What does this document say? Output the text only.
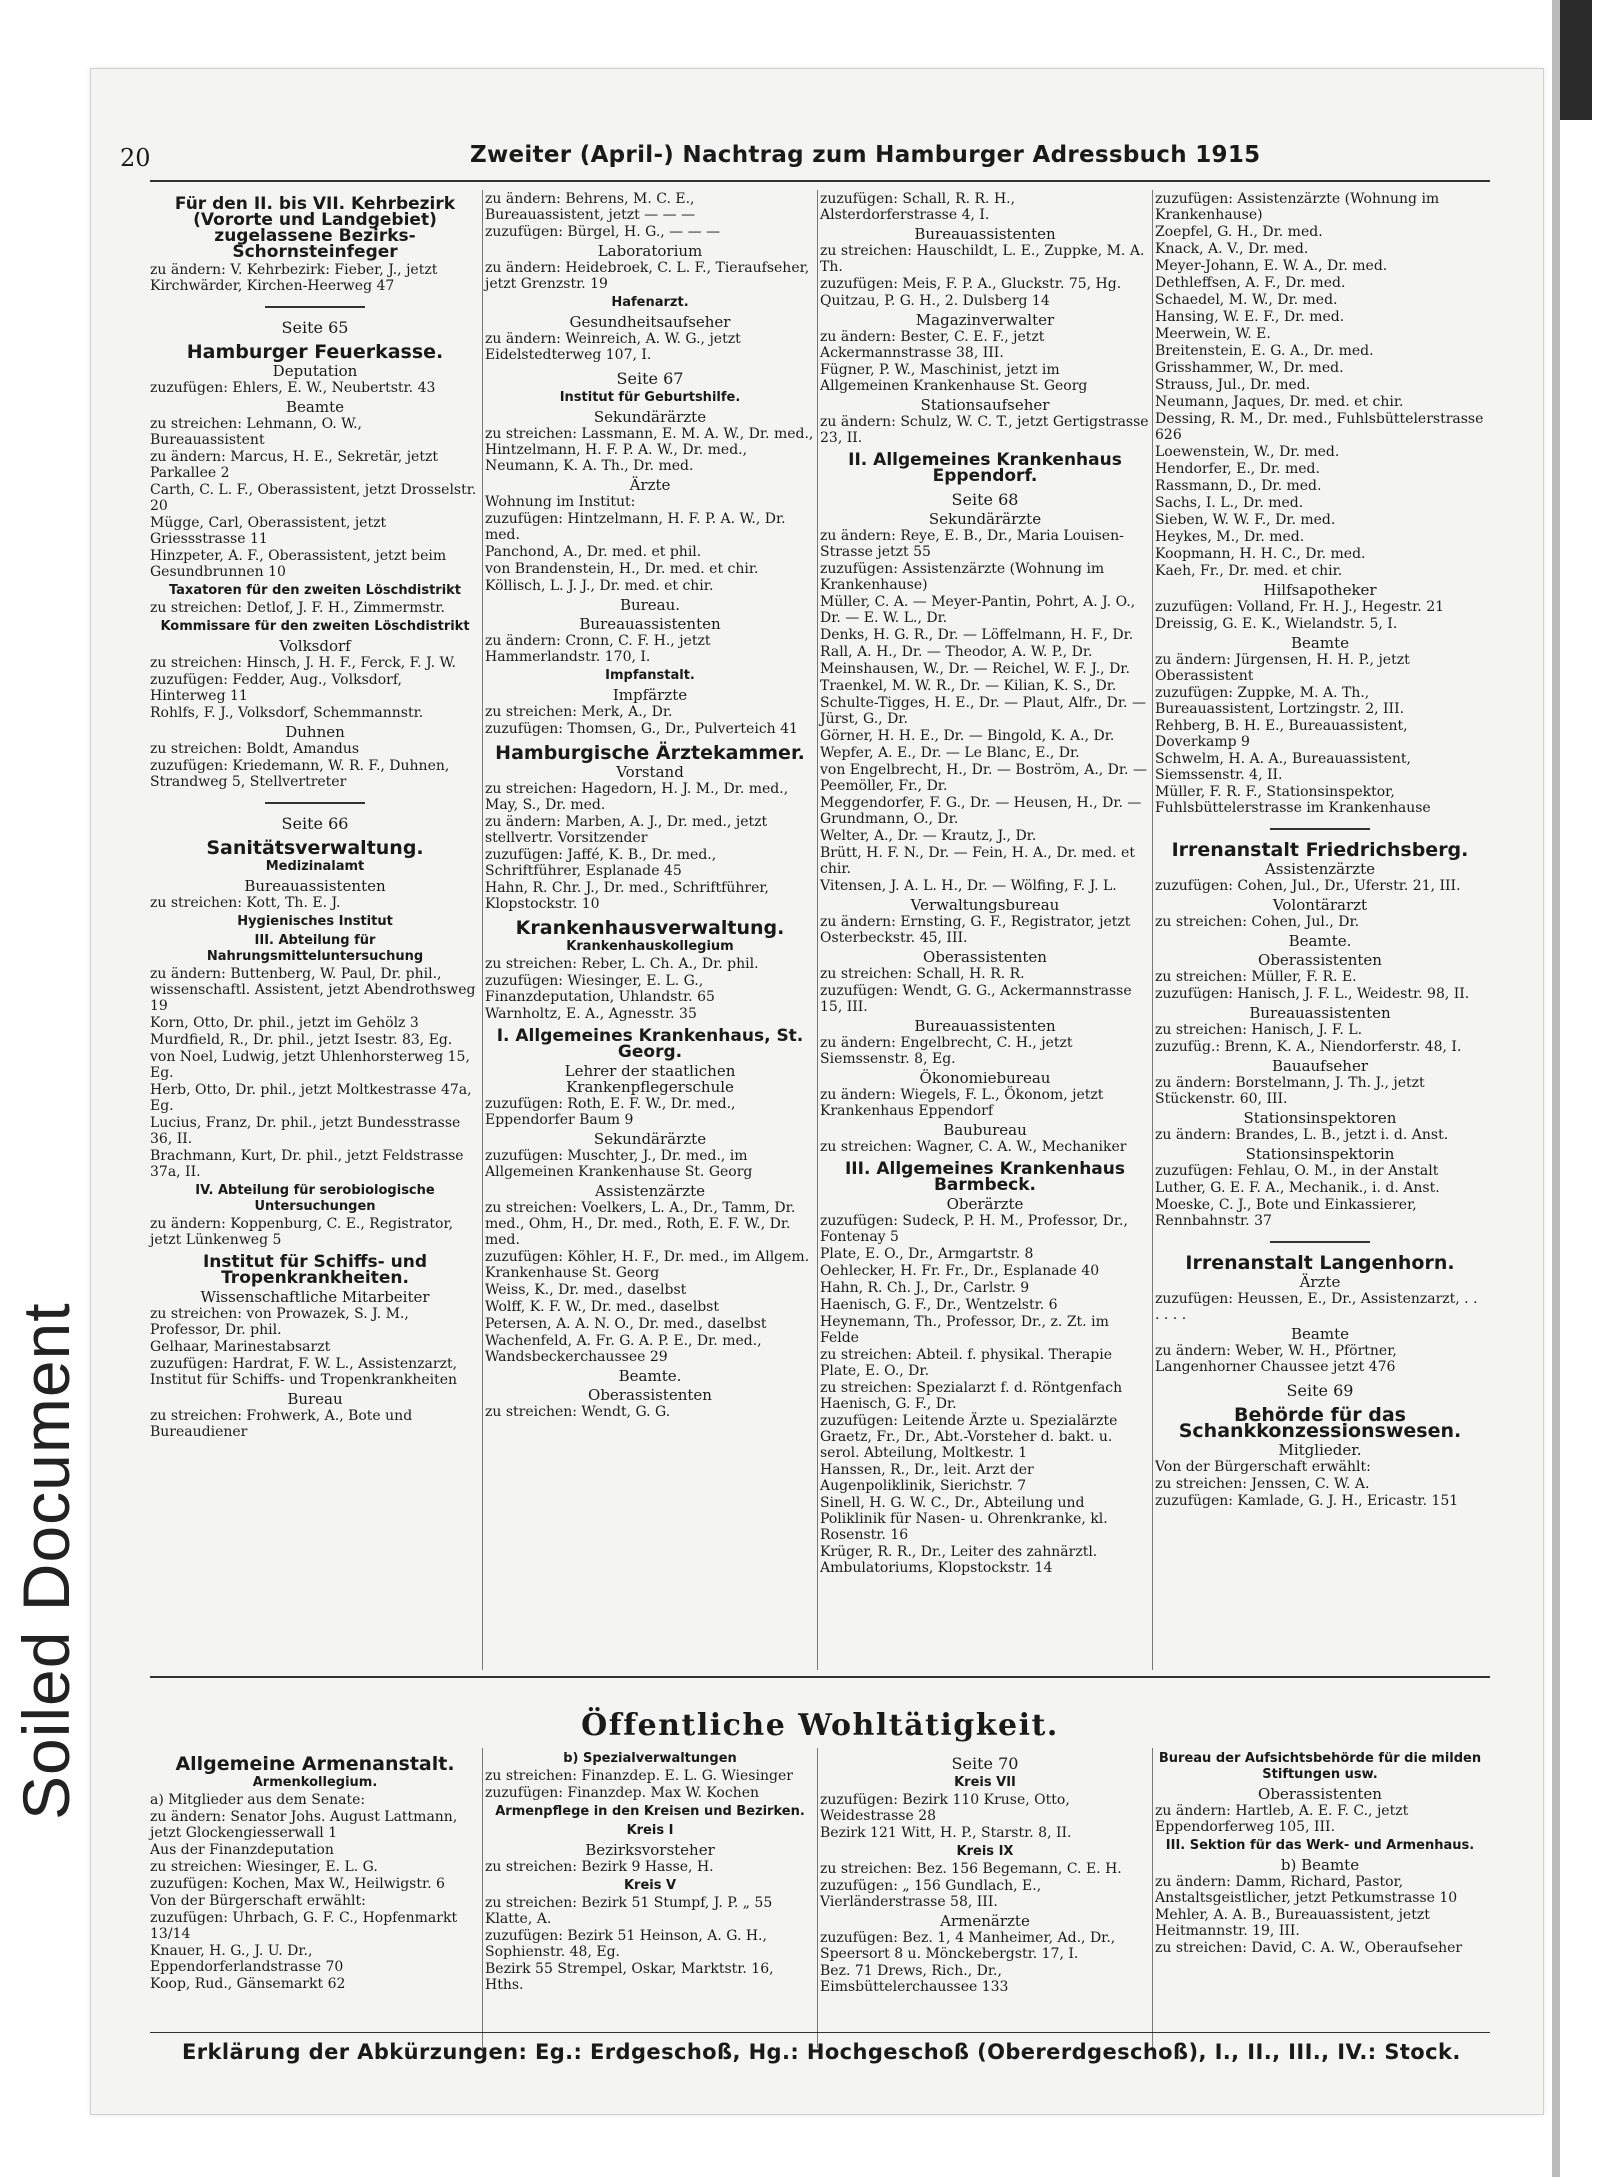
Soiled Document
20	Zweiter (April-) Nachtrag zum Hamburger Adressbuch 1915
Für den II. bis VII. Kehrbezirk (Vororte und Landgebiet) zugelassene Bezirks-Schornsteinfeger
zu ändern: V. Kehrbezirk: Fieber, J., jetzt Kirchwärder, Kirchen-Heerweg 47
Seite 65
Hamburger Feuerkasse.
Deputation
zuzufügen: Ehlers, E. W., Neubertstr. 43
Beamte
zu streichen: Lehmann, O. W., Bureauassistent
zu ändern: Marcus, H. E., Sekretär, jetzt Parkallee 2
Carth, C. L. F., Oberassistent, jetzt Drosselstr. 20
Mügge, Carl, Oberassistent, jetzt Griessstrasse 11
Hinzpeter, A. F., Oberassistent, jetzt beim Gesundbrunnen 10
Taxatoren für den zweiten Löschdistrikt
zu streichen: Detlof, J. F. H., Zimmermstr.
Kommissare für den zweiten Löschdistrikt
Volksdorf
zu streichen: Hinsch, J. H. F., Ferck, F. J. W.
zuzufügen: Fedder, Aug., Volksdorf, Hinterweg 11
Rohlfs, F. J., Volksdorf, Schemmannstr.
Duhnen
zu streichen: Boldt, Amandus
zuzufügen: Kriedemann, W. R. F., Duhnen, Strandweg 5, Stellvertreter
Seite 66
Sanitätsverwaltung.
Medizinalamt
Bureauassistenten
zu streichen: Kott, Th. E. J.
Hygienisches Institut
III. Abteilung für Nahrungsmitteluntersuchung
zu ändern: Buttenberg, W. Paul, Dr. phil., wissenschaftl. Assistent, jetzt Abendrothsweg 19
Korn, Otto, Dr. phil., jetzt im Gehölz 3
Murdfield, R., Dr. phil., jetzt Isestr. 83, Eg.
von Noel, Ludwig, jetzt Uhlenhorsterweg 15, Eg.
Herb, Otto, Dr. phil., jetzt Moltkestrasse 47a, Eg.
Lucius, Franz, Dr. phil., jetzt Bundesstrasse 36, II.
Brachmann, Kurt, Dr. phil., jetzt Feldstrasse 37a, II.
IV. Abteilung für serobiologische Untersuchungen
zu ändern: Koppenburg, C. E., Registrator, jetzt Lünkenweg 5
Institut für Schiffs- und Tropenkrankheiten.
Wissenschaftliche Mitarbeiter
zu streichen: von Prowazek, S. J. M., Professor, Dr. phil.
Gelhaar, Marinestabsarzt
zuzufügen: Hardrat, F. W. L., Assistenzarzt, Institut für Schiffs- und Tropenkrankheiten
Bureau
zu streichen: Frohwerk, A., Bote und Bureaudiener
zu ändern: Behrens, M. C. E., Bureauassistent, jetzt — — —
zuzufügen: Bürgel, H. G., — — —
Laboratorium
zu ändern: Heidebroek, C. L. F., Tieraufseher, jetzt Grenzstr. 19
Hafenarzt.
Gesundheitsaufseher
zu ändern: Weinreich, A. W. G., jetzt Eidelstedterweg 107, I.
Seite 67
Institut für Geburtshilfe.
Sekundärärzte
zu streichen: Lassmann, E. M. A. W., Dr. med., Hintzelmann, H. F. P. A. W., Dr. med., Neumann, K. A. Th., Dr. med.
Ärzte
Wohnung im Institut:
zuzufügen: Hintzelmann, H. F. P. A. W., Dr. med.
Panchond, A., Dr. med. et phil.
von Brandenstein, H., Dr. med. et chir.
Köllisch, L. J. J., Dr. med. et chir.
Bureau.
Bureauassistenten
zu ändern: Cronn, C. F. H., jetzt Hammerlandstr. 170, I.
Impfanstalt.
Impfärzte
zu streichen: Merk, A., Dr.
zuzufügen: Thomsen, G., Dr., Pulverteich 41
Hamburgische Ärztekammer.
Vorstand
zu streichen: Hagedorn, H. J. M., Dr. med., May, S., Dr. med.
zu ändern: Marben, A. J., Dr. med., jetzt stellvertr. Vorsitzender
zuzufügen: Jaffé, K. B., Dr. med., Schriftführer, Esplanade 45
Hahn, R. Chr. J., Dr. med., Schriftführer, Klopstockstr. 10
Krankenhausverwaltung.
Krankenhauskollegium
zu streichen: Reber, L. Ch. A., Dr. phil.
zuzufügen: Wiesinger, E. L. G., Finanzdeputation, Uhlandstr. 65
Warnholtz, E. A., Agnesstr. 35
I. Allgemeines Krankenhaus, St. Georg.
Lehrer der staatlichen Krankenpflegerschule
zuzufügen: Roth, E. F. W., Dr. med., Eppendorfer Baum 9
Sekundärärzte
zuzufügen: Muschter, J., Dr. med., im Allgemeinen Krankenhause St. Georg
Assistenzärzte
zu streichen: Voelkers, L. A., Dr., Tamm, Dr. med., Ohm, H., Dr. med., Roth, E. F. W., Dr. med.
zuzufügen: Köhler, H. F., Dr. med., im Allgem. Krankenhause St. Georg
Weiss, K., Dr. med., daselbst
Wolff, K. F. W., Dr. med., daselbst
Petersen, A. A. N. O., Dr. med., daselbst
Wachenfeld, A. Fr. G. A. P. E., Dr. med., Wandsbeckerchaussee 29
Beamte.
Oberassistenten
zu streichen: Wendt, G. G.
zuzufügen: Schall, R. R. H., Alsterdorferstrasse 4, I.
Bureauassistenten
zu streichen: Hauschildt, L. E., Zuppke, M. A. Th.
zuzufügen: Meis, F. P. A., Gluckstr. 75, Hg.
Quitzau, P. G. H., 2. Dulsberg 14
Magazinverwalter
zu ändern: Bester, C. E. F., jetzt Ackermannstrasse 38, III.
Fügner, P. W., Maschinist, jetzt im Allgemeinen Krankenhause St. Georg
Stationsaufseher
zu ändern: Schulz, W. C. T., jetzt Gertigstrasse 23, II.
II. Allgemeines Krankenhaus Eppendorf.
Seite 68
Sekundärärzte
zu ändern: Reye, E. B., Dr., Maria Louisen-Strasse jetzt 55
zuzufügen: Assistenzärzte (Wohnung im Krankenhause)
Müller, C. A. — Meyer-Pantin, Pohrt, A. J. O., Dr. — E. W. L., Dr.
Denks, H. G. R., Dr. — Löffelmann, H. F., Dr.
Rall, A. H., Dr. — Theodor, A. W. P., Dr.
Meinshausen, W., Dr. — Reichel, W. F. J., Dr.
Traenkel, M. W. R., Dr. — Kilian, K. S., Dr.
Schulte-Tigges, H. E., Dr. — Plaut, Alfr., Dr. — Jürst, G., Dr.
Görner, H. H. E., Dr. — Bingold, K. A., Dr.
Wepfer, A. E., Dr. — Le Blanc, E., Dr.
von Engelbrecht, H., Dr. — Boström, A., Dr. — Peemöller, Fr., Dr.
Meggendorfer, F. G., Dr. — Heusen, H., Dr. — Grundmann, O., Dr.
Welter, A., Dr. — Krautz, J., Dr.
Brütt, H. F. N., Dr. — Fein, H. A., Dr. med. et chir.
Vitensen, J. A. L. H., Dr. — Wölfing, F. J. L.
Verwaltungsbureau
zu ändern: Ernsting, G. F., Registrator, jetzt Osterbeckstr. 45, III.
Oberassistenten
zu streichen: Schall, H. R. R.
zuzufügen: Wendt, G. G., Ackermannstrasse 15, III.
Bureauassistenten
zu ändern: Engelbrecht, C. H., jetzt Siemssenstr. 8, Eg.
Ökonomiebureau
zu ändern: Wiegels, F. L., Ökonom, jetzt Krankenhaus Eppendorf
Baubureau
zu streichen: Wagner, C. A. W., Mechaniker
III. Allgemeines Krankenhaus Barmbeck.
Oberärzte
zuzufügen: Sudeck, P. H. M., Professor, Dr., Fontenay 5
Plate, E. O., Dr., Armgartstr. 8
Oehlecker, H. Fr. Fr., Dr., Esplanade 40
Hahn, R. Ch. J., Dr., Carlstr. 9
Haenisch, G. F., Dr., Wentzelstr. 6
Heynemann, Th., Professor, Dr., z. Zt. im Felde
zu streichen: Abteil. f. physikal. Therapie Plate, E. O., Dr.
zu streichen: Spezialarzt f. d. Röntgenfach Haenisch, G. F., Dr.
zuzufügen: Leitende Ärzte u. Spezialärzte Graetz, Fr., Dr., Abt.-Vorsteher d. bakt. u. serol. Abteilung, Moltkestr. 1
Hanssen, R., Dr., leit. Arzt der Augenpoliklinik, Sierichstr. 7
Sinell, H. G. W. C., Dr., Abteilung und Poliklinik für Nasen- u. Ohrenkranke, kl. Rosenstr. 16
Krüger, R. R., Dr., Leiter des zahnärztl. Ambulatoriums, Klopstockstr. 14
zuzufügen: Assistenzärzte (Wohnung im Krankenhause)
Zoepfel, G. H., Dr. med.
Knack, A. V., Dr. med.
Meyer-Johann, E. W. A., Dr. med.
Dethleffsen, A. F., Dr. med.
Schaedel, M. W., Dr. med.
Hansing, W. E. F., Dr. med.
Meerwein, W. E.
Breitenstein, E. G. A., Dr. med.
Grisshammer, W., Dr. med.
Strauss, Jul., Dr. med.
Neumann, Jaques, Dr. med. et chir.
Dessing, R. M., Dr. med., Fuhlsbüttelerstrasse 626
Loewenstein, W., Dr. med.
Hendorfer, E., Dr. med.
Rassmann, D., Dr. med.
Sachs, I. L., Dr. med.
Sieben, W. W. F., Dr. med.
Heykes, M., Dr. med.
Koopmann, H. H. C., Dr. med.
Kaeh, Fr., Dr. med. et chir.
Hilfsapotheker
zuzufügen: Volland, Fr. H. J., Hegestr. 21
Dreissig, G. E. K., Wielandstr. 5, I.
Beamte
zu ändern: Jürgensen, H. H. P., jetzt Oberassistent
zuzufügen: Zuppke, M. A. Th., Bureauassistent, Lortzingstr. 2, III.
Rehberg, B. H. E., Bureauassistent, Doverkamp 9
Schwelm, H. A. A., Bureauassistent, Siemssenstr. 4, II.
Müller, F. R. F., Stationsinspektor, Fuhlsbüttelerstrasse im Krankenhause
Irrenanstalt Friedrichsberg.
Assistenzärzte
zuzufügen: Cohen, Jul., Dr., Uferstr. 21, III.
Volontärarzt
zu streichen: Cohen, Jul., Dr.
Beamte.
Oberassistenten
zu streichen: Müller, F. R. E.
zuzufügen: Hanisch, J. F. L., Weidestr. 98, II.
Bureauassistenten
zu streichen: Hanisch, J. F. L.
zuzufüg.: Brenn, K. A., Niendorferstr. 48, I.
Bauaufseher
zu ändern: Borstelmann, J. Th. J., jetzt Stückenstr. 60, III.
Stationsinspektoren
zu ändern: Brandes, L. B., jetzt i. d. Anst.
Stationsinspektorin
zuzufügen: Fehlau, O. M., in der Anstalt
Luther, G. E. F. A., Mechanik., i. d. Anst.
Moeske, C. J., Bote und Einkassierer, Rennbahnstr. 37
Irrenanstalt Langenhorn.
Ärzte
zuzufügen: Heussen, E., Dr., Assistenzarzt, . . . . . .
Beamte
zu ändern: Weber, W. H., Pförtner, Langenhorner Chaussee jetzt 476
Seite 69
Behörde für das Schankkonzessionswesen.
Mitglieder.
Von der Bürgerschaft erwählt:
zu streichen: Jenssen, C. W. A.
zuzufügen: Kamlade, G. J. H., Ericastr. 151
Öffentliche Wohltätigkeit.
Allgemeine Armenanstalt.
Armenkollegium.
a) Mitglieder aus dem Senate:
zu ändern: Senator Johs. August Lattmann, jetzt Glockengiesserwall 1
Aus der Finanzdeputation
zu streichen: Wiesinger, E. L. G.
zuzufügen: Kochen, Max W., Heilwigstr. 6
Von der Bürgerschaft erwählt:
zuzufügen: Uhrbach, G. F. C., Hopfenmarkt 13/14
Knauer, H. G., J. U. Dr., Eppendorferlandstrasse 70
Koop, Rud., Gänsemarkt 62
b) Spezialverwaltungen
zu streichen: Finanzdep. E. L. G. Wiesinger
zuzufügen: Finanzdep. Max W. Kochen
Armenpflege in den Kreisen und Bezirken.
Kreis I
Bezirksvorsteher
zu streichen: Bezirk 9 Hasse, H.
Kreis V
zu streichen: Bezirk 51 Stumpf, J. P. „ 55 Klatte, A.
zuzufügen: Bezirk 51 Heinson, A. G. H., Sophienstr. 48, Eg.
Bezirk 55 Strempel, Oskar, Marktstr. 16, Hths.
Seite 70
Kreis VII
zuzufügen: Bezirk 110 Kruse, Otto, Weidestrasse 28
Bezirk 121 Witt, H. P., Starstr. 8, II.
Kreis IX
zu streichen: Bez. 156 Begemann, C. E. H.
zuzufügen: „ 156 Gundlach, E., Vierländerstrasse 58, III.
Armenärzte
zuzufügen: Bez. 1, 4 Manheimer, Ad., Dr., Speersort 8 u. Mönckebergstr. 17, I.
Bez. 71 Drews, Rich., Dr., Eimsbüttelerchaussee 133
Bureau der Aufsichtsbehörde für die milden Stiftungen usw.
Oberassistenten
zu ändern: Hartleb, A. E. F. C., jetzt Eppendorferweg 105, III.
III. Sektion für das Werk- und Armenhaus.
b) Beamte
zu ändern: Damm, Richard, Pastor, Anstaltsgeistlicher, jetzt Petkumstrasse 10
Mehler, A. A. B., Bureauassistent, jetzt Heitmannstr. 19, III.
zu streichen: David, C. A. W., Oberaufseher
Erklärung der Abkürzungen: Eg.: Erdgeschoß, Hg.: Hochgeschoß (Obererdgeschoß), I., II., III., IV.: Stock.
